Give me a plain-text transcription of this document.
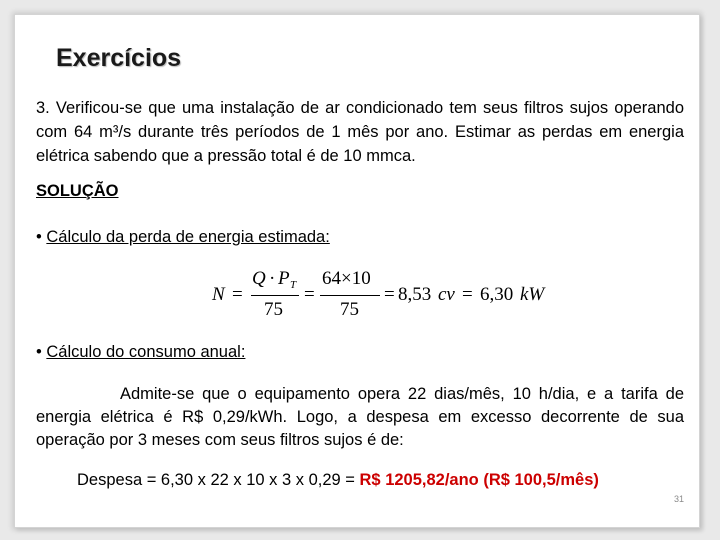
Exercícios
3. Verificou-se que uma instalação de ar condicionado tem seus filtros sujos operando com 64 m³/s durante três períodos de 1 mês por ano. Estimar as perdas em energia elétrica sabendo que a pressão total é de 10 mmca.
SOLUÇÃO
• Cálculo da perda de energia estimada:
N =
Q · P T
75
=
64×10
75
= 8,53 cv = 6,30 kW
• Cálculo do consumo anual:
Admite-se que o equipamento opera 22 dias/mês, 10 h/dia, e a tarifa de energia elétrica é R$ 0,29/kWh. Logo, a despesa em excesso decorrente de sua operação por 3 meses com seus filtros sujos é de:
Despesa = 6,30 x 22 x 10 x 3 x 0,29 = R$ 1205,82/ano (R$ 100,5/mês)
31
